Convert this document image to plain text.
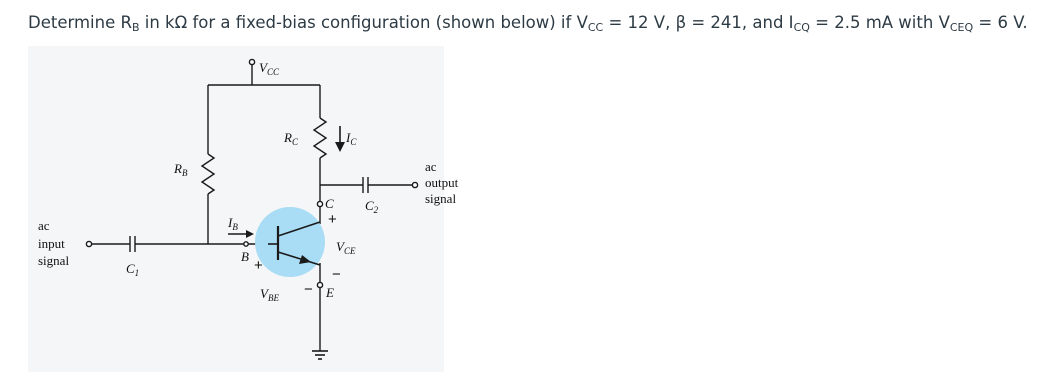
Determine $R_B$ in kΩ for a fixed-bias configuration (shown below) if $V_{CC} = 12$ V, β = 241, and $I_{CQ} = 2.5$ mA with $V_{CEQ} = 6$ V.
$V_{CC}$
$R_C$	$I_C$
$R_B$
$I_B$
C
B
E
$C_2$
$C_1$
$V_{CE}$
$V_{BE}$
+
−
+
−
ac
output
signal
ac
input
signal
